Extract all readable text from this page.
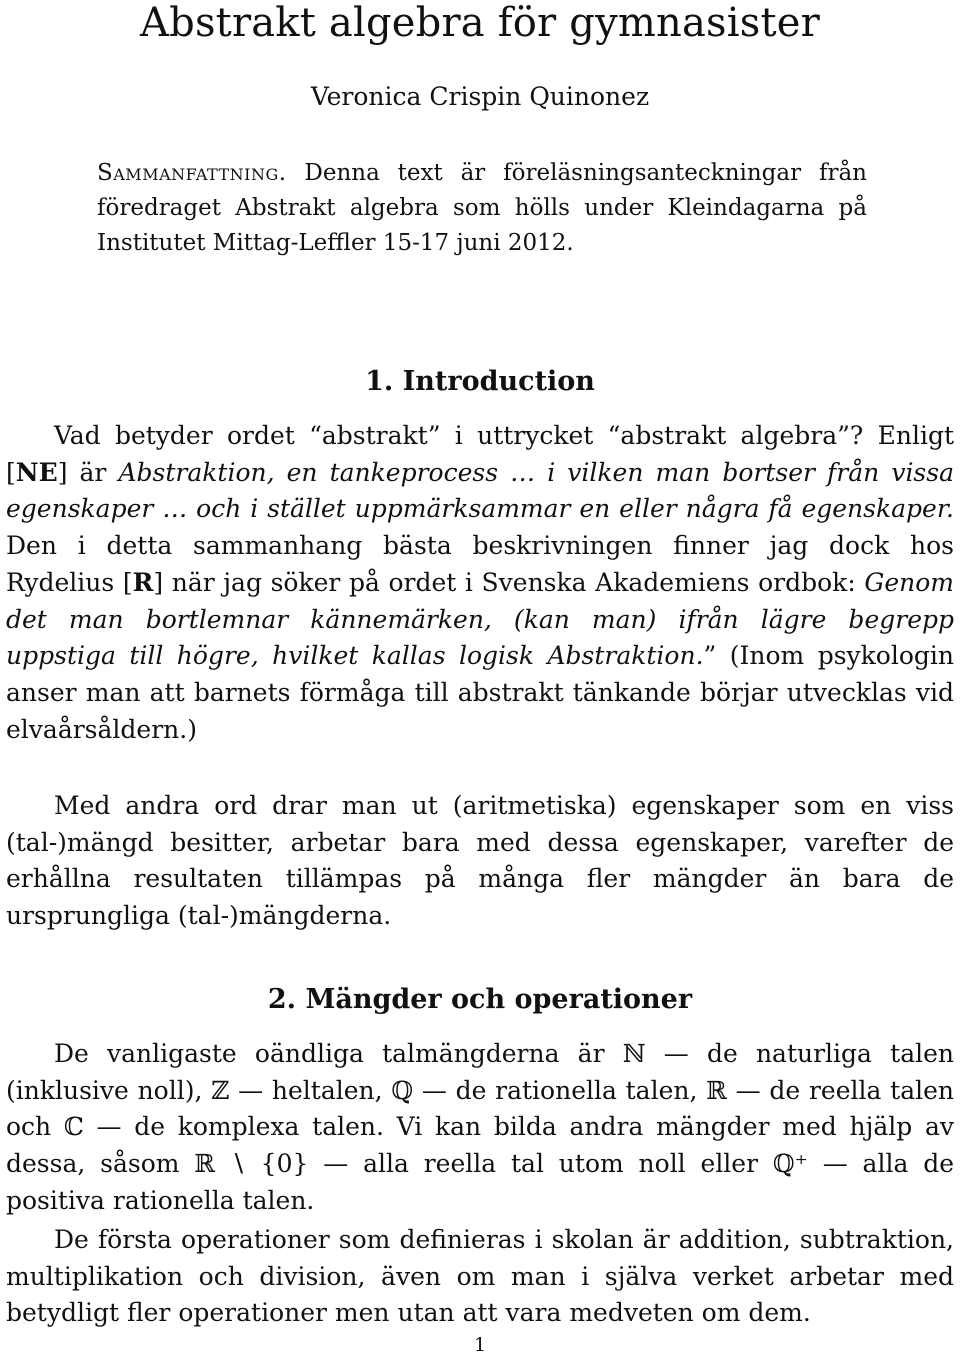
Abstrakt algebra för gymnasister
Veronica Crispin Quinonez

Sammanfattning. Denna text är föreläsningsanteckningar från föredraget Abstrakt algebra som hölls under Kleindagarna på Institutet Mittag-Leffler 15-17 juni 2012.

1. Introduction

Vad betyder ordet “abstrakt” i uttrycket “abstrakt algebra”? Enligt [NE] är Abstraktion, en tankeprocess … i vilken man bortser från vissa egenskaper … och i stället uppmärksammar en eller några få egenskaper. Den i detta sammanhang bästa beskrivningen finner jag dock hos Rydelius [R] när jag söker på ordet i Svenska Akademiens ordbok: Genom det man bortlemnar kännemärken, (kan man) ifrån lägre begrepp uppstiga till högre, hvilket kallas logisk Abstraktion.” (Inom psykologin anser man att barnets förmåga till abstrakt tänkande börjar utvecklas vid elvaårsåldern.)

Med andra ord drar man ut (aritmetiska) egenskaper som en viss (tal-)mängd besitter, arbetar bara med dessa egenskaper, varefter de erhållna resultaten tillämpas på många fler mängder än bara de ursprungliga (tal-)mängderna.

2. Mängder och operationer

De vanligaste oändliga talmängderna är ℕ — de naturliga talen (inklusive noll), ℤ — heltalen, ℚ — de rationella talen, ℝ — de reella talen och ℂ — de komplexa talen. Vi kan bilda andra mängder med hjälp av dessa, såsom ℝ ∖ {0} — alla reella tal utom noll eller ℚ⁺ — alla de positiva rationella talen.

De första operationer som definieras i skolan är addition, subtraktion, multiplikation och division, även om man i själva verket arbetar med betydligt fler operationer men utan att vara medveten om dem.

1
